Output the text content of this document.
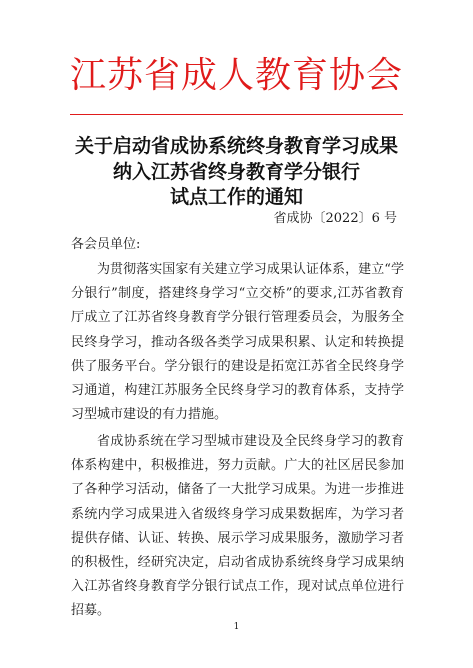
江苏省成人教育协会
关于启动省成协系统终身教育学习成果
纳入江苏省终身教育学分银行
试点工作的通知
省成协〔2022〕6 号
各会员单位:

为贯彻落实国家有关建立学习成果认证体系，建立“学分银行”制度，搭建终身学习“立交桥”的要求,江苏省教育厅成立了江苏省终身教育学分银行管理委员会，为服务全民终身学习，推动各级各类学习成果积累、认定和转换提供了服务平台。学分银行的建设是拓宽江苏省全民终身学习通道，构建江苏服务全民终身学习的教育体系，支持学习型城市建设的有力措施。

省成协系统在学习型城市建设及全民终身学习的教育体系构建中，积极推进，努力贡献。广大的社区居民参加了各种学习活动，储备了一大批学习成果。为进一步推进系统内学习成果进入省级终身学习成果数据库，为学习者提供存储、认证、转换、展示学习成果服务，激励学习者的积极性，经研究决定，启动省成协系统终身学习成果纳入江苏省终身教育学分银行试点工作，现对试点单位进行招募。

1
